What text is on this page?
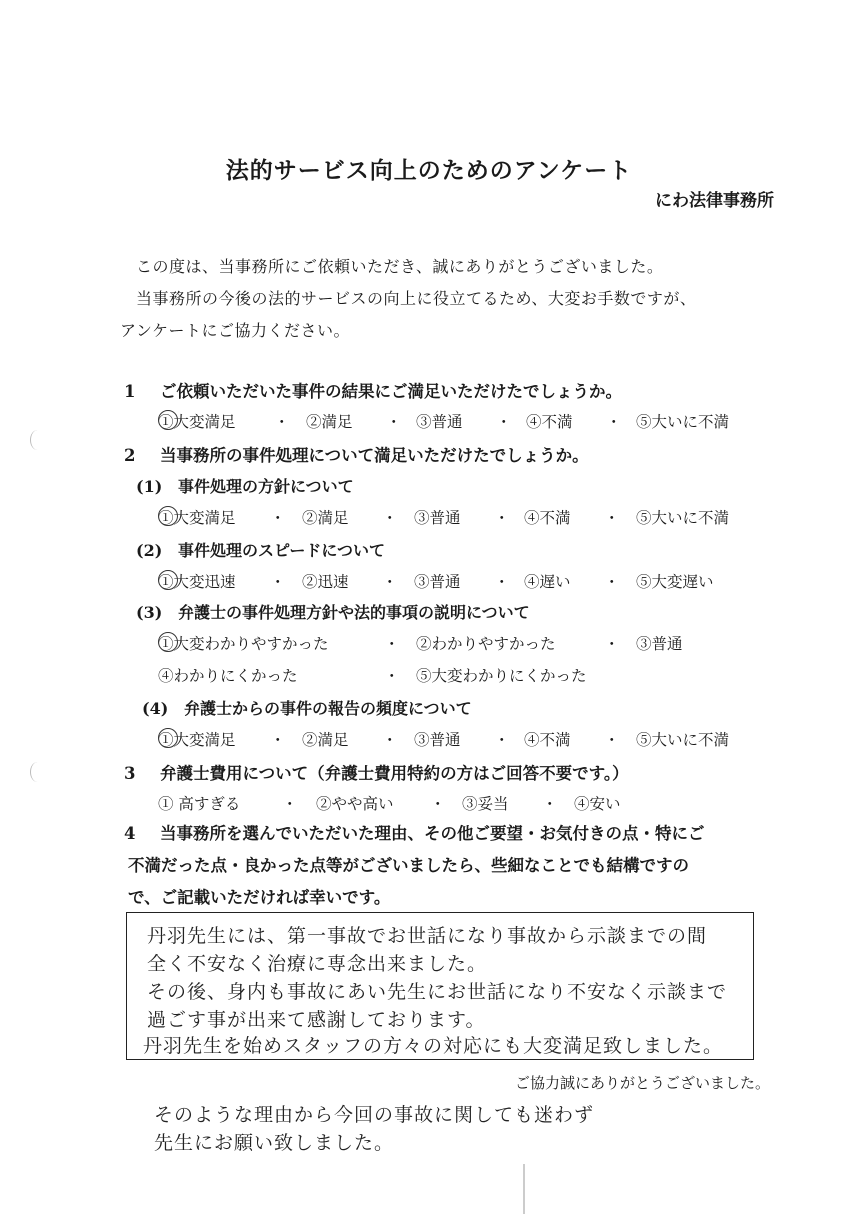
法的サービス向上のためのアンケート
にわ法律事務所
この度は、当事務所にご依頼いただき、誠にありがとうございました。
当事務所の今後の法的サービスの向上に役立てるため、大変お手数ですが、
アンケートにご協力ください。
1 ご依頼いただいた事件の結果にご満足いただけたでしょうか。
①大変満足 ・ ②満足 ・ ③普通 ・ ④不満 ・ ⑤大いに不満
2 当事務所の事件処理について満足いただけたでしょうか。
(1) 事件処理の方針について
①大変満足 ・ ②満足 ・ ③普通 ・ ④不満 ・ ⑤大いに不満
(2) 事件処理のスピードについて
①大変迅速 ・ ②迅速 ・ ③普通 ・ ④遅い ・ ⑤大変遅い
(3) 弁護士の事件処理方針や法的事項の説明について
①大変わかりやすかった	・ ②わかりやすかった	・ ③普通
④わかりにくかった	・ ⑤大変わかりにくかった
(4) 弁護士からの事件の報告の頻度について
①大変満足 ・ ②満足 ・ ③普通 ・ ④不満 ・ ⑤大いに不満
3 弁護士費用について（弁護士費用特約の方はご回答不要です。）
① 高すぎる	・ ②やや高い ・ ③妥当 ・ ④安い
4 当事務所を選んでいただいた理由、その他ご要望・お気付きの点・特にご
不満だった点・良かった点等がございましたら、些細なことでも結構ですの
で、ご記載いただければ幸いです。
丹羽先生には、第一事故でお世話になり事故から示談までの間
全く不安なく治療に専念出来ました。
その後、身内も事故にあい先生にお世話になり不安なく示談まで
過ごす事が出来て感謝しております。
丹羽先生を始めスタッフの方々の対応にも大変満足致しました。
ご協力誠にありがとうございました。
そのような理由から今回の事故に関しても迷わず
先生にお願い致しました。
